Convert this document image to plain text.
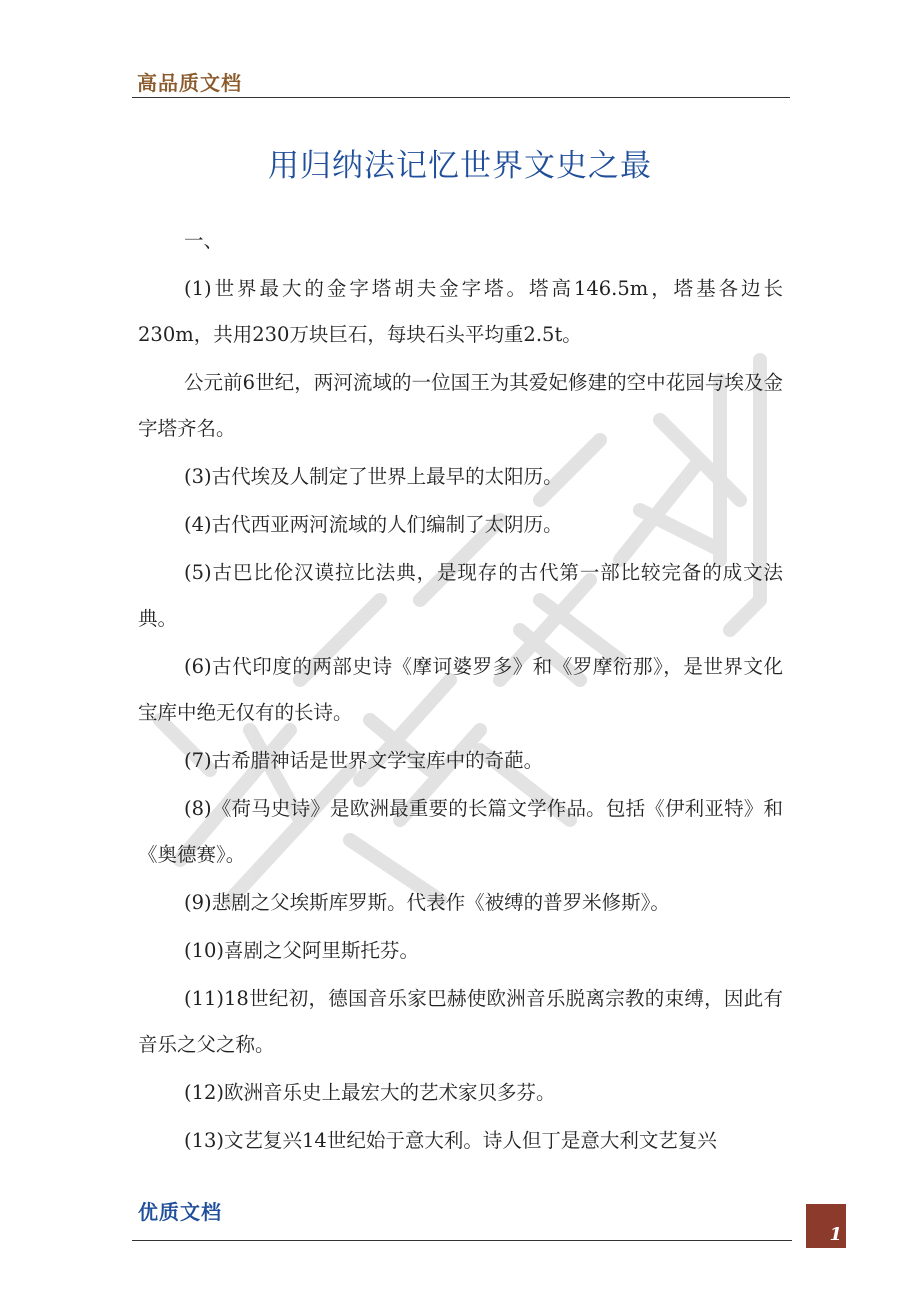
高品质文档
用归纳法记忆世界文史之最

一、

(1)世界最大的金字塔胡夫金字塔。塔高146.5m，塔基各边长230m，共用230万块巨石，每块石头平均重2.5t。

公元前6世纪，两河流域的一位国王为其爱妃修建的空中花园与埃及金字塔齐名。

(3)古代埃及人制定了世界上最早的太阳历。

(4)古代西亚两河流域的人们编制了太阴历。

(5)古巴比伦汉谟拉比法典，是现存的古代第一部比较完备的成文法典。

(6)古代印度的两部史诗《摩诃婆罗多》和《罗摩衍那》，是世界文化宝库中绝无仅有的长诗。

(7)古希腊神话是世界文学宝库中的奇葩。

(8)《荷马史诗》是欧洲最重要的长篇文学作品。包括《伊利亚特》和《奥德赛》。

(9)悲剧之父埃斯库罗斯。代表作《被缚的普罗米修斯》。

(10)喜剧之父阿里斯托芬。

(11)18世纪初，德国音乐家巴赫使欧洲音乐脱离宗教的束缚，因此有音乐之父之称。

(12)欧洲音乐史上最宏大的艺术家贝多芬。

(13)文艺复兴14世纪始于意大利。诗人但丁是意大利文艺复兴

优质文档
1
